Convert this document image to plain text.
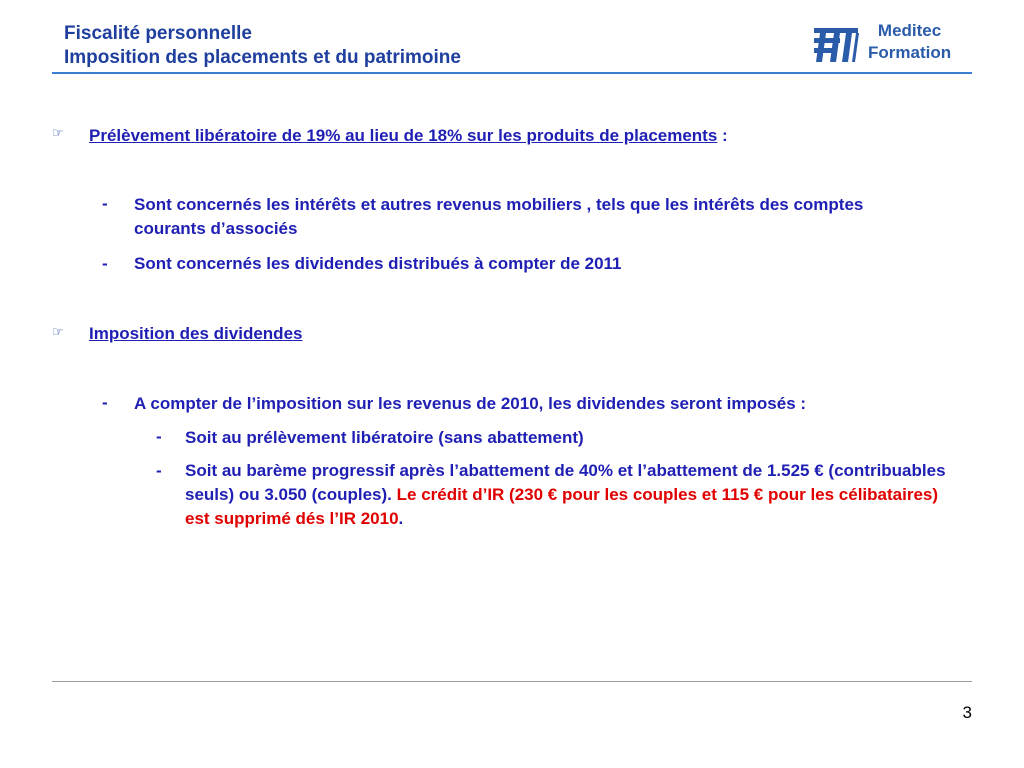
Fiscalité personnelle
Imposition des placements et du patrimoine
Meditec
Formation
☞ Prélèvement libératoire de 19% au lieu de 18% sur les produits de placements :
- Sont concernés les intérêts et autres revenus mobiliers , tels que les intérêts des comptes courants d’associés
- Sont concernés les dividendes distribués à compter de 2011
☞ Imposition des dividendes
- A compter de l’imposition sur les revenus de 2010, les dividendes seront imposés :
- Soit au prélèvement libératoire (sans abattement)
- Soit au barème progressif après l’abattement de 40% et l’abattement de 1.525 € (contribuables seuls) ou 3.050 (couples). Le crédit d’IR (230 € pour les couples et 115 € pour les célibataires) est supprimé dés l’IR 2010.
3
